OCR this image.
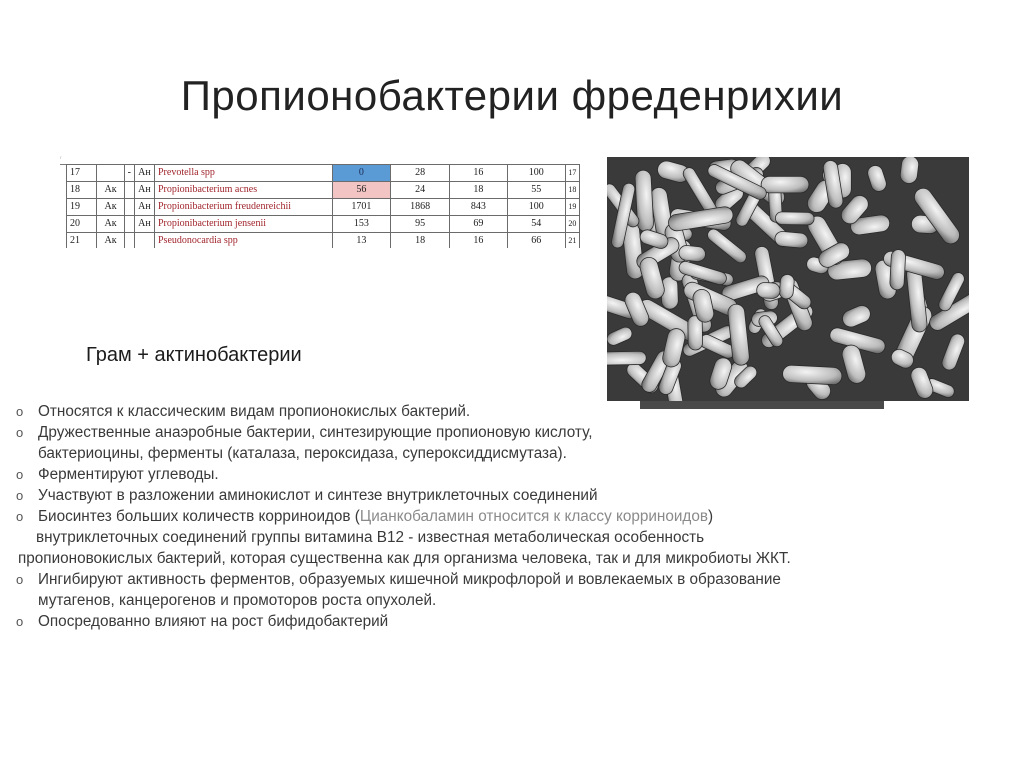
Пропионобактерии фреденрихии
/
17		-	Ан	Prevotella spp	0	28	16	100	17
18	Ак		Ан	Propionibacterium acnes	56	24	18	55	18
19	Ак		Ан	Propionibacterium freudenreichii	1701	1868	843	100	19
20	Ак		Ан	Propionibacterium jensenii	153	95	69	54	20
21	Ак			Pseudonocardia spp	13	18	16	66	21
Грам + актинобактерии
o Относятся к классическим видам пропионокислых бактерий.
o Дружественные анаэробные бактерии, синтезирующие пропионовую кислоту,
бактериоцины, ферменты (каталаза, пероксидаза, супероксиддисмутаза).
o Ферментируют углеводы.
o Участвуют в разложении аминокислот и синтезе внутриклеточных соединений
o Биосинтез больших количеств корриноидов (Цианкобаламин относится к классу корриноидов)
внутриклеточных соединений группы витамина В12 - известная метаболическая особенность
пропионовокислых бактерий, которая существенна как для организма человека, так и для микробиоты ЖКТ.
o Ингибируют активность ферментов, образуемых кишечной микрофлорой и вовлекаемых в образование
мутагенов, канцерогенов и промоторов роста опухолей.
o Опосредованно влияют на рост бифидобактерий
